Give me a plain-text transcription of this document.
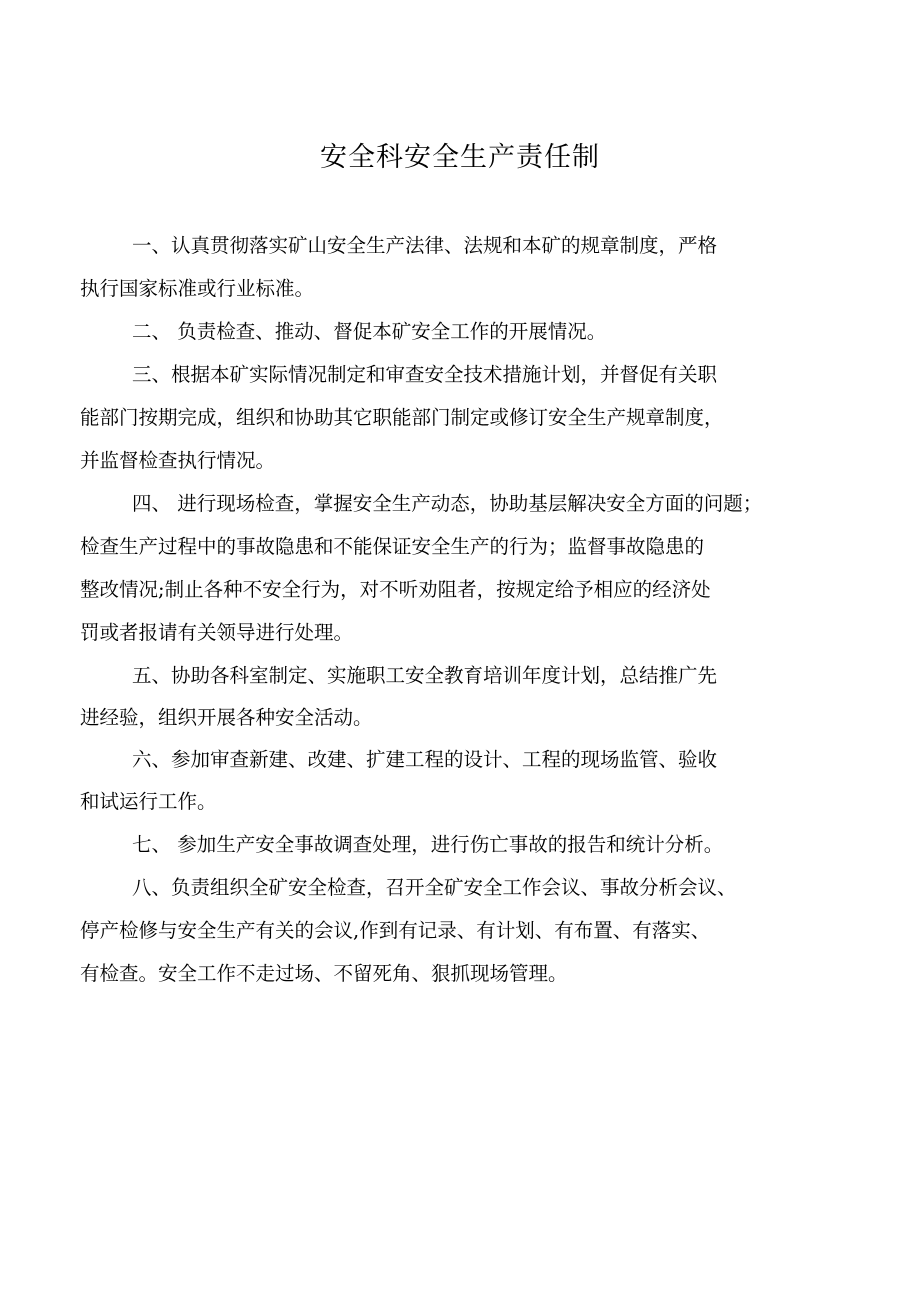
安全科安全生产责任制
一、认真贯彻落实矿山安全生产法律、法规和本矿的规章制度，严格
执行国家标准或行业标准。
二、 负责检查、推动、督促本矿安全工作的开展情况。
三、根据本矿实际情况制定和审查安全技术措施计划，并督促有关职
能部门按期完成，组织和协助其它职能部门制定或修订安全生产规章制度，
并监督检查执行情况。
四、 进行现场检查，掌握安全生产动态，协助基层解决安全方面的问题；
检查生产过程中的事故隐患和不能保证安全生产的行为；监督事故隐患的
整改情况;制止各种不安全行为，对不听劝阻者，按规定给予相应的经济处
罚或者报请有关领导进行处理。
五、协助各科室制定、实施职工安全教育培训年度计划，总结推广先
进经验，组织开展各种安全活动。
六、参加审查新建、改建、扩建工程的设计、工程的现场监管、验收
和试运行工作。
七、 参加生产安全事故调查处理，进行伤亡事故的报告和统计分析。
八、负责组织全矿安全检查，召开全矿安全工作会议、事故分析会议、
停产检修与安全生产有关的会议,作到有记录、有计划、有布置、有落实、
有检查。安全工作不走过场、不留死角、狠抓现场管理。
